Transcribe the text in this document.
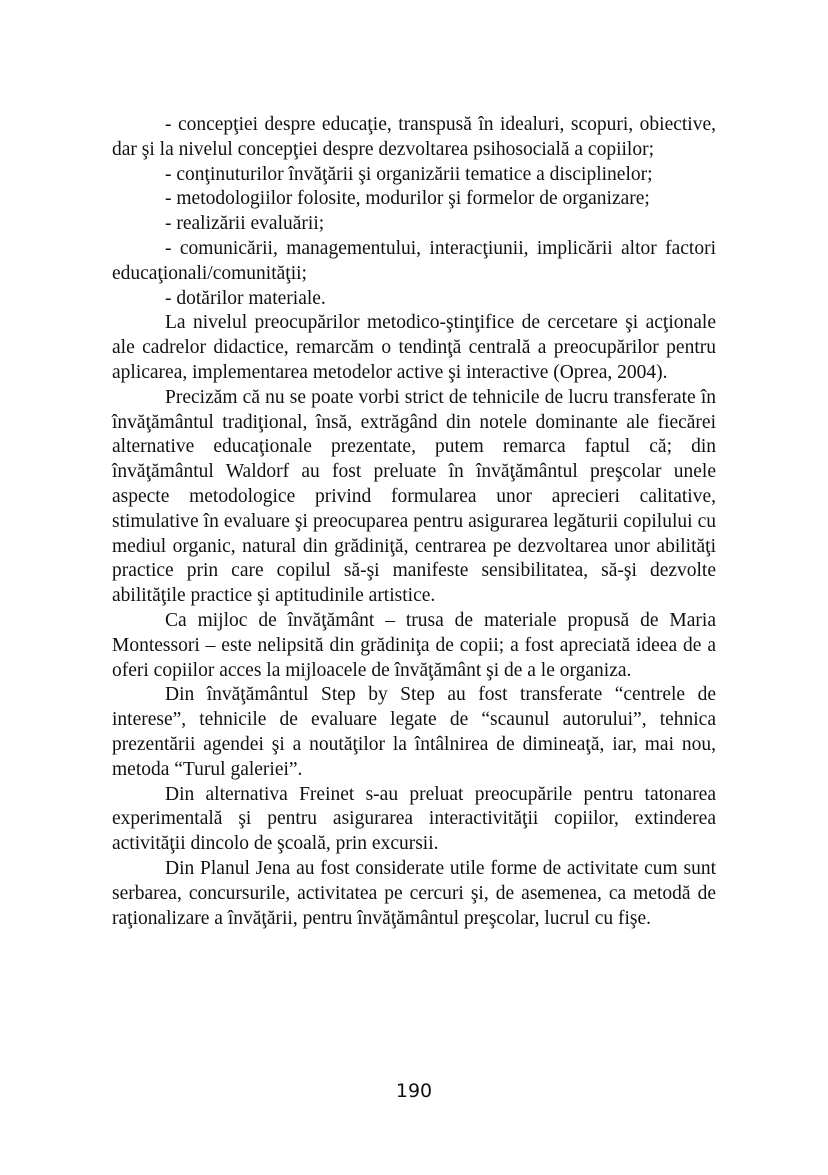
- concepţiei despre educaţie, transpusă în idealuri, scopuri, obiective, dar şi la nivelul concepţiei despre dezvoltarea psihosocială a copiilor;

- conţinuturilor învăţării şi organizării tematice a disciplinelor;

- metodologiilor folosite, modurilor şi formelor de organizare;

- realizării evaluării;

- comunicării, managementului, interacţiunii, implicării altor factori educaţionali/comunităţii;

- dotărilor materiale.

La nivelul preocupărilor metodico-ştinţifice de cercetare şi acţionale ale cadrelor didactice, remarcăm o tendinţă centrală a preocupărilor pentru aplicarea, implementarea metodelor active şi interactive (Oprea, 2004).

Precizăm că nu se poate vorbi strict de tehnicile de lucru transferate în învăţământul tradiţional, însă, extrăgând din notele dominante ale fiecărei alternative educaţionale prezentate, putem remarca faptul că; din învăţământul Waldorf au fost preluate în învăţământul preşcolar unele aspecte metodologice privind formularea unor aprecieri calitative, stimulative în evaluare şi preocuparea pentru asigurarea legăturii copilului cu mediul organic, natural din grădiniţă, centrarea pe dezvoltarea unor abilităţi practice prin care copilul să-şi manifeste sensibilitatea, să-şi dezvolte abilităţile practice şi aptitudinile artistice.

Ca mijloc de învăţământ – trusa de materiale propusă de Maria Montessori – este nelipsită din grădiniţa de copii; a fost apreciată ideea de a oferi copiilor acces la mijloacele de învăţământ şi de a le organiza.

Din învăţământul Step by Step au fost transferate “centrele de interese”, tehnicile de evaluare legate de “scaunul autorului”, tehnica prezentării agendei şi a noutăţilor la întâlnirea de dimineaţă, iar, mai nou, metoda “Turul galeriei”.

Din alternativa Freinet s-au preluat preocupările pentru tatonarea experimentală şi pentru asigurarea interactivităţii copiilor, extinderea activităţii dincolo de şcoală, prin excursii.

Din Planul Jena au fost considerate utile forme de activitate cum sunt serbarea, concursurile, activitatea pe cercuri şi, de asemenea, ca metodă de raţionalizare a învăţării, pentru învăţământul preşcolar, lucrul cu fişe.

190
